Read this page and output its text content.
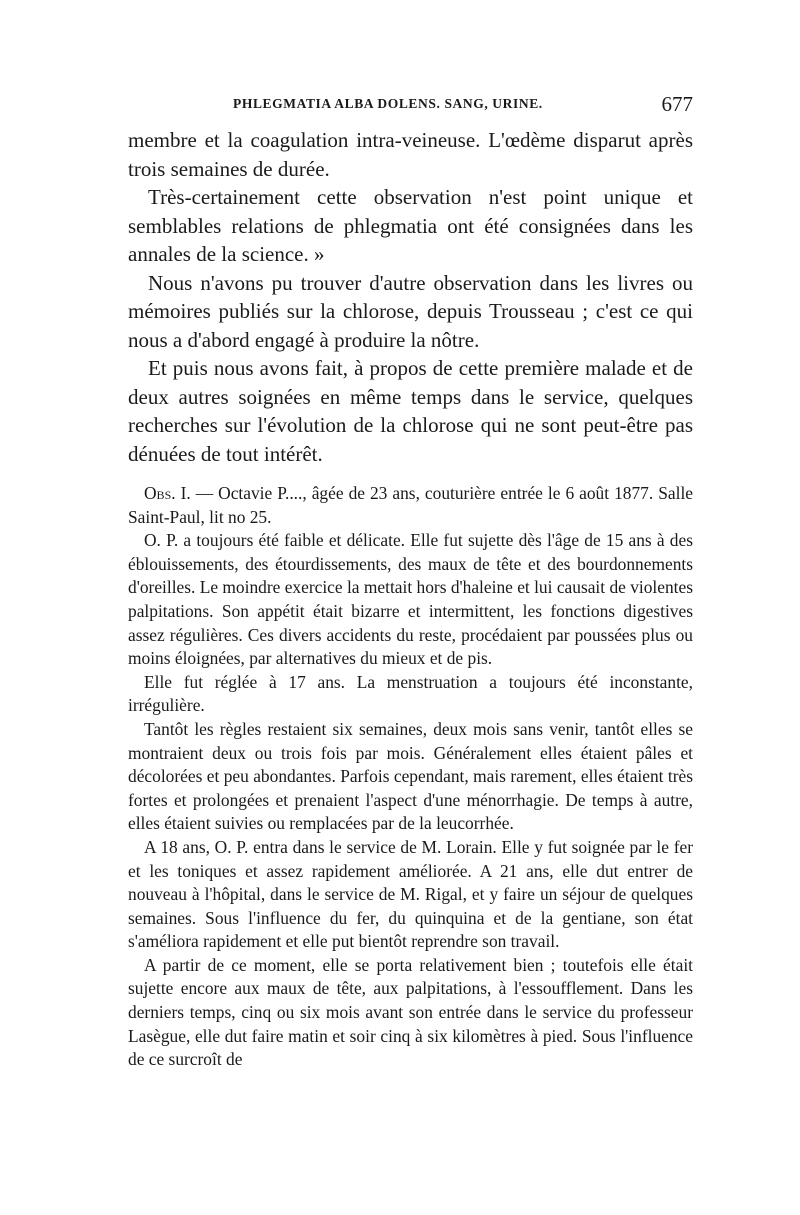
PHLEGMATIA ALBA DOLENS. SANG, URINE.	677

membre et la coagulation intra-veineuse. L'œdème disparut après trois semaines de durée.

Très-certainement cette observation n'est point unique et semblables relations de phlegmatia ont été consignées dans les annales de la science. »

Nous n'avons pu trouver d'autre observation dans les livres ou mémoires publiés sur la chlorose, depuis Trousseau ; c'est ce qui nous a d'abord engagé à produire la nôtre.

Et puis nous avons fait, à propos de cette première malade et de deux autres soignées en même temps dans le service, quelques recherches sur l'évolution de la chlorose qui ne sont peut-être pas dénuées de tout intérêt.

Obs. I. — Octavie P...., âgée de 23 ans, couturière entrée le 6 août 1877. Salle Saint-Paul, lit no 25.

O. P. a toujours été faible et délicate. Elle fut sujette dès l'âge de 15 ans à des éblouissements, des étourdissements, des maux de tête et des bourdonnements d'oreilles. Le moindre exercice la mettait hors d'haleine et lui causait de violentes palpitations. Son appétit était bizarre et intermittent, les fonctions digestives assez régulières. Ces divers accidents du reste, procédaient par poussées plus ou moins éloignées, par alternatives du mieux et de pis.

Elle fut réglée à 17 ans. La menstruation a toujours été inconstante, irrégulière.

Tantôt les règles restaient six semaines, deux mois sans venir, tantôt elles se montraient deux ou trois fois par mois. Généralement elles étaient pâles et décolorées et peu abondantes. Parfois cependant, mais rarement, elles étaient très fortes et prolongées et prenaient l'aspect d'une ménorrhagie. De temps à autre, elles étaient suivies ou remplacées par de la leucorrhée.

A 18 ans, O. P. entra dans le service de M. Lorain. Elle y fut soignée par le fer et les toniques et assez rapidement améliorée. A 21 ans, elle dut entrer de nouveau à l'hôpital, dans le service de M. Rigal, et y faire un séjour de quelques semaines. Sous l'influence du fer, du quinquina et de la gentiane, son état s'améliora rapidement et elle put bientôt reprendre son travail.

A partir de ce moment, elle se porta relativement bien ; toutefois elle était sujette encore aux maux de tête, aux palpitations, à l'essoufflement. Dans les derniers temps, cinq ou six mois avant son entrée dans le service du professeur Lasègue, elle dut faire matin et soir cinq à six kilomètres à pied. Sous l'influence de ce surcroît de
